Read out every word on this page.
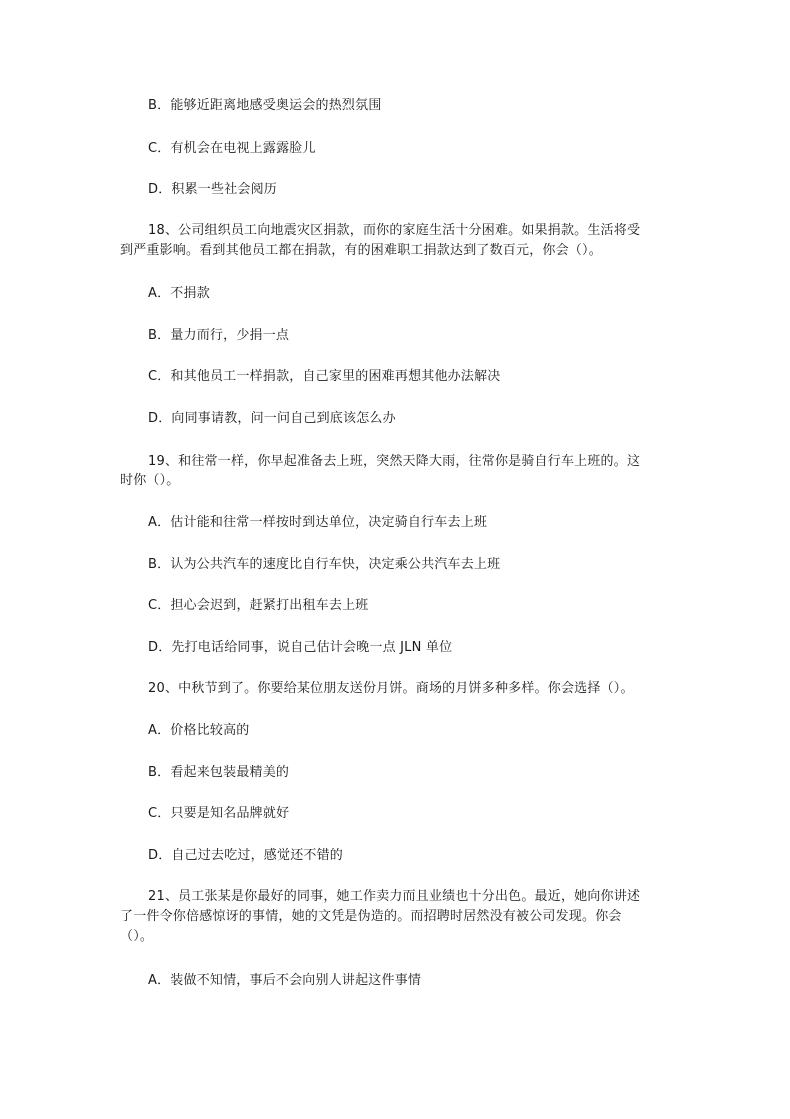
B．能够近距离地感受奥运会的热烈氛围
C．有机会在电视上露露脸儿
D．积累一些社会阅历
18、公司组织员工向地震灾区捐款，而你的家庭生活十分困难。如果捐款。生活将受
到严重影响。看到其他员工都在捐款，有的困难职工捐款达到了数百元，你会（）。
A．不捐款
B．量力而行，少捐一点
C．和其他员工一样捐款，自己家里的困难再想其他办法解决
D．向同事请教，问一问自己到底该怎么办
19、和往常一样，你早起准备去上班，突然天降大雨，往常你是骑自行车上班的。这
时你（）。
A．估计能和往常一样按时到达单位，决定骑自行车去上班
B．认为公共汽车的速度比自行车快，决定乘公共汽车去上班
C．担心会迟到，赶紧打出租车去上班
D．先打电话给同事，说自己估计会晚一点 JLN 单位
20、中秋节到了。你要给某位朋友送份月饼。商场的月饼多种多样。你会选择（）。
A．价格比较高的
B．看起来包装最精美的
C．只要是知名品牌就好
D．自己过去吃过，感觉还不错的
21、员工张某是你最好的同事，她工作卖力而且业绩也十分出色。最近，她向你讲述
了一件令你倍感惊讶的事情，她的文凭是伪造的。而招聘时居然没有被公司发现。你会
（）。
A．装做不知情，事后不会向别人讲起这件事情
